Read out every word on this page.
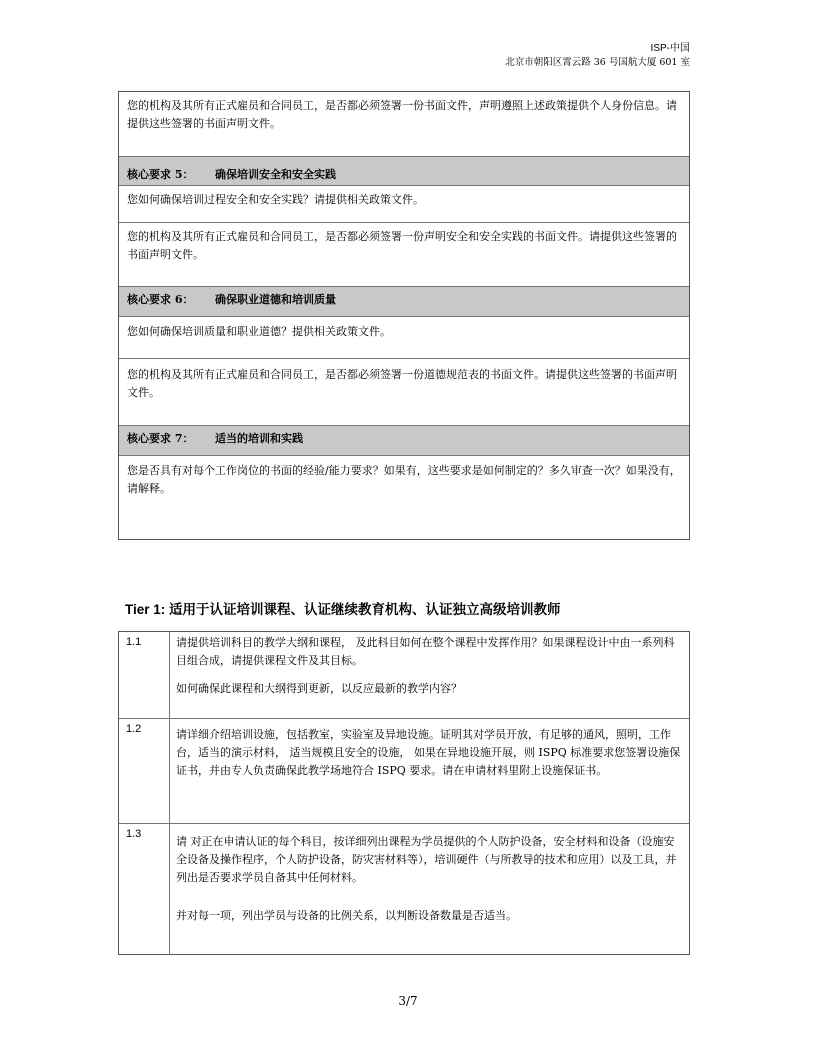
ISP-中国
北京市朝阳区霄云路 36 号国航大厦 601 室
您的机构及其所有正式雇员和合同员工，是否都必须签署一份书面文件，声明遵照上述政策提供个人身份信息。请提供这些签署的书面声明文件。
核心要求 5： 确保培训安全和安全实践
您如何确保培训过程安全和安全实践？请提供相关政策文件。
您的机构及其所有正式雇员和合同员工，是否都必须签署一份声明安全和安全实践的书面文件。请提供这些签署的书面声明文件。
核心要求 6： 确保职业道德和培训质量
您如何确保培训质量和职业道德？提供相关政策文件。
您的机构及其所有正式雇员和合同员工，是否都必须签署一份道德规范表的书面文件。请提供这些签署的书面声明文件。
核心要求 7： 适当的培训和实践
您是否具有对每个工作岗位的书面的经验/能力要求？如果有，这些要求是如何制定的？多久审查一次？如果没有，请解释。
Tier 1: 适用于认证培训课程、认证继续教育机构、认证独立高级培训教师
1.1	请提供培训科目的教学大纲和课程， 及此科目如何在整个课程中发挥作用？如果课程设计中由一系列科目组合成，请提供课程文件及其目标。

如何确保此课程和大纲得到更新，以反应最新的教学内容？

1.2	请详细介绍培训设施，包括教室，实验室及异地设施。证明其对学员开放，有足够的通风，照明，工作台，适当的演示材料， 适当规模且安全的设施， 如果在异地设施开展，则 ISPQ 标准要求您签署设施保证书，并由专人负责确保此教学场地符合 ISPQ 要求。请在申请材料里附上设施保证书。

1.3

请 对正在申请认证的每个科目，按详细列出课程为学员提供的个人防护设备，安全材料和设备（设施安全设备及操作程序，个人防护设备，防灾害材料等），培训硬件（与所教导的技术和应用）以及工具，并列出是否要求学员自备其中任何材料。

并对每一项，列出学员与设备的比例关系，以判断设备数量是否适当。

3/7
